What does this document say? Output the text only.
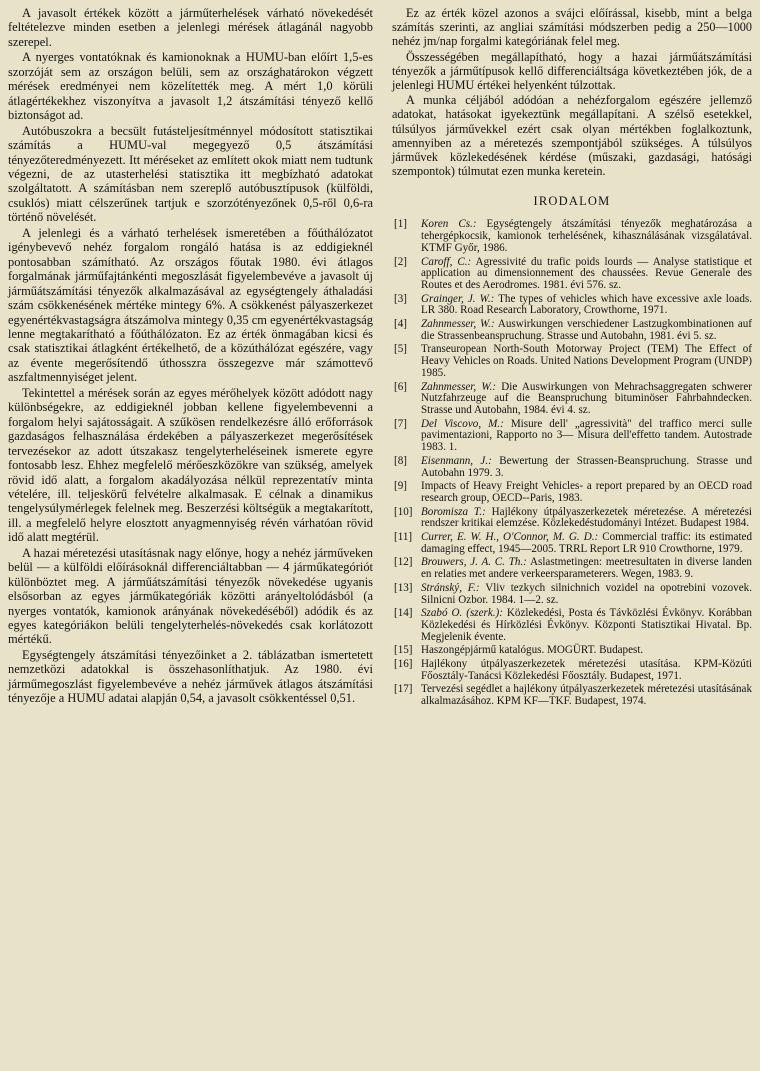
A javasolt értékek között a járműterhelések várható növekedését feltételezve minden esetben a jelenlegi mérések átlagánál nagyobb szerepel.

A nyerges vontatóknak és kamionoknak a HUMU-ban előírt 1,5-es szorzóját sem az országon belüli, sem az országhatárokon végzett mérések eredményei nem közelítették meg. A mért 1,0 körüli átlagértékekhez viszonyítva a javasolt 1,2 átszámítási tényező kellő biztonságot ad.

Autóbuszokra a becsült futásteljesítménnyel módosított statisztikai számítás a HUMU-val megegyező 0,5 átszámítási tényezőteredményezett. Itt méréseket az említett okok miatt nem tudtunk végezni, de az utasterhelési statisztika itt megbízható adatokat szolgáltatott. A számításban nem szereplő autóbusztípusok (külföldi, csuklós) miatt célszerűnek tartjuk e szorzótényezőnek 0,5-ről 0,6-ra történő növelését.

A jelenlegi és a várható terhelések ismeretében a főúthálózatot igénybevevő nehéz forgalom rongáló hatása is az eddigieknél pontosabban számítható. Az országos főutak 1980. évi átlagos forgalmának járműfajtánkénti megoszlását figyelembevéve a javasolt új járműátszámítási tényezők alkalmazásával az egységtengely áthaladási szám csökkenésének mértéke mintegy 6%. A csökkenést pályaszerkezet egyenértékvastagságra átszámolva mintegy 0,35 cm egyenértékvastagság lenne megtakarítható a főúthálózaton. Ez az érték önmagában kicsi és csak statisztikai átlagként értékelhető, de a közúthálózat egészére, vagy az évente megerősítendő úthosszra összegezve már számottevő aszfaltmennyiséget jelent.

Tekintettel a mérések során az egyes mérőhelyek között adódott nagy különbségekre, az eddigieknél jobban kellene figyelembevenni a forgalom helyi sajátosságait. A szűkösen rendelkezésre álló erőforrások gazdaságos felhasználása érdekében a pályaszerkezet megerősítések tervezésekor az adott útszakasz tengelyterheléseinek ismerete egyre fontosabb lesz. Ehhez megfelelő mérőeszközökre van szükség, amelyek rövid idő alatt, a forgalom akadályozása nélkül reprezentatív minta vételére, ill. teljeskörű felvételre alkalmasak. E célnak a dinamikus tengelysúlymérlegek felelnek meg. Beszerzési költségük a megtakarított, ill. a megfelelő helyre elosztott anyagmennyiség révén várhatóan rövid idő alatt megtérül.

A hazai méretezési utasításnak nagy előnye, hogy a nehéz járműveken belül — a külföldi előírásoknál differenciáltabban — 4 járműkategóriót különböztet meg. A járműátszámítási tényezők növekedése ugyanis elsősorban az egyes járműkategóriák közötti arányeltolódásból (a nyerges vontatók, kamionok arányának növekedéséből) adódik és az egyes kategóriákon belüli tengelyterhelés-növekedés csak korlátozott mértékű.

Egységtengely átszámítási tényezőinket a 2. táblázatban ismertetett nemzetközi adatokkal is összehasonlíthatjuk. Az 1980. évi járműmegoszlást figyelembevéve a nehéz járművek átlagos átszámítási tényezője a HUMU adatai alapján 0,54, a javasolt csökkentéssel 0,51.

Ez az érték közel azonos a svájci előírással, kisebb, mint a belga számítás szerinti, az angliai számítási módszerben pedig a 250—1000 nehéz jm/nap forgalmi kategóriának felel meg.

Összességében megállapítható, hogy a hazai járműátszámítási tényezők a járműtípusok kellő differenciáltsága következtében jók, de a jelenlegi HUMU értékei helyenként túlzottak.

A munka céljából adódóan a nehézforgalom egészére jellemző adatokat, hatásokat igyekeztünk megállapítani. A szélső esetekkel, túlsúlyos járművekkel ezért csak olyan mértékben foglalkoztunk, amennyiben az a méretezés szempontjából szükséges. A túlsúlyos járművek közlekedésének kérdése (műszaki, gazdasági, hatósági szempontok) túlmutat ezen munka keretein.

IRODALOM
[1] Koren Cs.: Egységtengely átszámítási tényezők meghatározása a tehergépkocsik, kamionok terhelésének, kihasználásának vizsgálatával. KTMF Győr, 1986.
[2] Caroff, C.: Agressivité du trafic poids lourds — Analyse statistique et application au dimensionnement des chaussées. Revue Generale des Routes et des Aerodromes. 1981. évi 576. sz.
[3] Grainger, J. W.: The types of vehicles which have excessive axle loads. LR 380. Road Research Laboratory, Crowthorne, 1971.
[4] Zahnmesser, W.: Auswirkungen verschiedener Lastzugkombinationen auf die Strassenbeanspruchung. Strasse und Autobahn, 1981. évi 5. sz.
[5] Transeuropean North-South Motorway Project (TEM) The Effect of Heavy Vehicles on Roads. United Nations Development Program (UNDP) 1985.
[6] Zahnmesser, W.: Die Auswirkungen von Mehrachsaggregaten schwerer Nutzfahrzeuge auf die Beanspruchung bituminöser Fahrbahndecken. Strasse und Autobahn, 1984. évi 4. sz.
[7] Del Viscovo, M.: Misure dell' „agressività" del traffico merci sulle pavimentazioni, Rapporto no 3— Misura dell'effetto tandem. Autostrade 1983. 1.
[8] Eisenmann, J.: Bewertung der Strassen-Beanspruchung. Strasse und Autobahn 1979. 3.
[9] Impacts of Heavy Freight Vehicles- a report prepared by an OECD road research group, OECD--Paris, 1983.
[10] Boromisza T.: Hajlékony útpályaszerkezetek méretezése. A méretezési rendszer kritikai elemzése. Közlekedéstudományi Intézet. Budapest 1984.
[11] Currer, E. W. H., O'Connor, M. G. D.: Commercial traffic: its estimated damaging effect, 1945—2005. TRRL Report LR 910 Crowthorne, 1979.
[12] Brouwers, J. A. C. Th.: Aslastmetingen: meetresultaten in diverse landen en relaties met andere verkeersparameterers. Wegen, 1983. 9.
[13] Stránský, F.: Vliv tezkych silnichnich vozidel na opotrebini vozovek. Silnicni Ozbor. 1984. 1—2. sz.
[14] Szabó O. (szerk.): Közlekedési, Posta és Távközlési Évkönyv. Korábban Közlekedési és Hírközlési Évkönyv. Központi Statisztikai Hivatal. Bp. Megjelenik évente.
[15] Haszongépjármű katalógus. MOGÜRT. Budapest.
[16] Hajlékony útpályaszerkezetek méretezési utasítása. KPM-Közúti Főosztály-Tanácsi Közlekedési Főosztály. Budapest, 1971.
[17] Tervezési segédlet a hajlékony útpályaszerkezetek méretezési utasításának alkalmazásához. KPM KF—TKF. Budapest, 1974.
